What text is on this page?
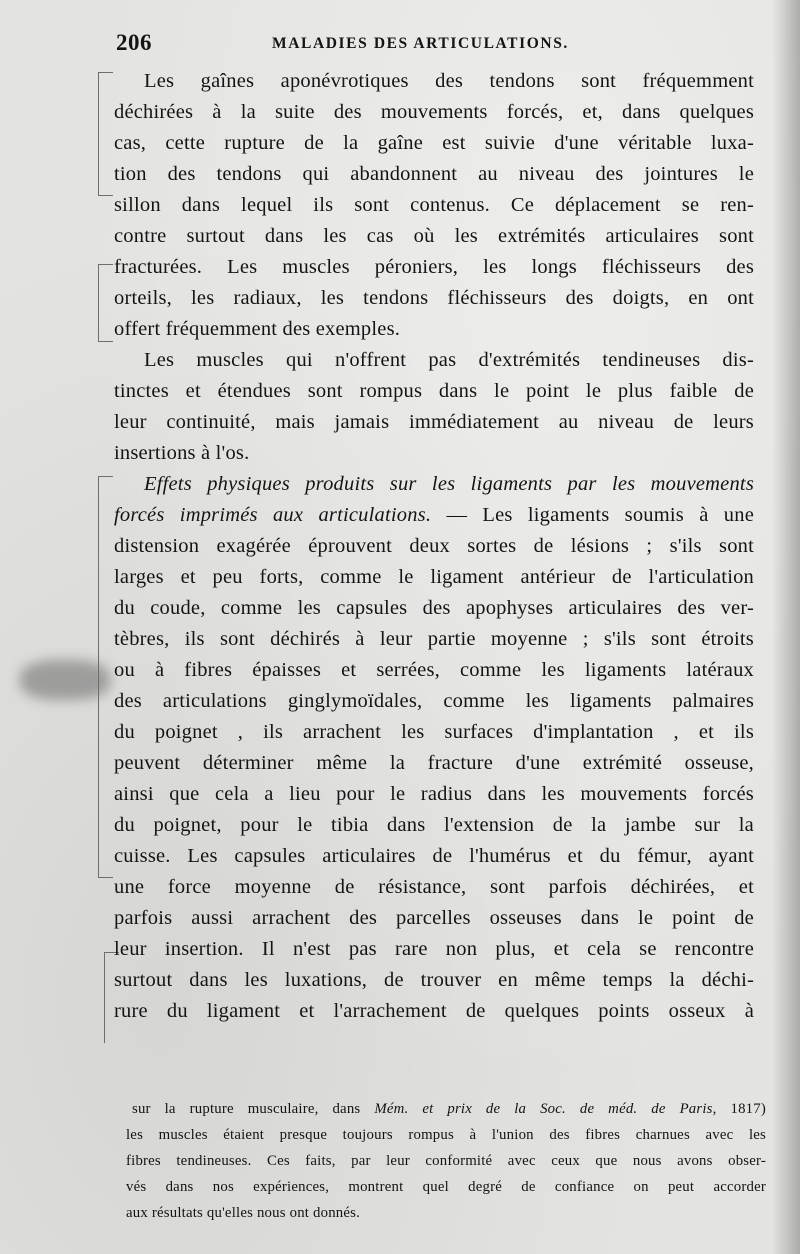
206	MALADIES DES ARTICULATIONS.
Les gaînes aponévrotiques des tendons sont fréquemment
déchirées à la suite des mouvements forcés, et, dans quelques
cas, cette rupture de la gaîne est suivie d'une véritable luxa-
tion des tendons qui abandonnent au niveau des jointures le
sillon dans lequel ils sont contenus. Ce déplacement se ren-
contre surtout dans les cas où les extrémités articulaires sont
fracturées. Les muscles péroniers, les longs fléchisseurs des
orteils, les radiaux, les tendons fléchisseurs des doigts, en ont
offert fréquemment des exemples.
Les muscles qui n'offrent pas d'extrémités tendineuses dis-
tinctes et étendues sont rompus dans le point le plus faible de
leur continuité, mais jamais immédiatement au niveau de leurs
insertions à l'os.
Effets physiques produits sur les ligaments par les mouvements
forcés imprimés aux articulations. — Les ligaments soumis à une
distension exagérée éprouvent deux sortes de lésions ; s'ils sont
larges et peu forts, comme le ligament antérieur de l'articulation
du coude, comme les capsules des apophyses articulaires des ver-
tèbres, ils sont déchirés à leur partie moyenne ; s'ils sont étroits
ou à fibres épaisses et serrées, comme les ligaments latéraux
des articulations ginglymoïdales, comme les ligaments palmaires
du poignet , ils arrachent les surfaces d'implantation , et ils
peuvent déterminer même la fracture d'une extrémité osseuse,
ainsi que cela a lieu pour le radius dans les mouvements forcés
du poignet, pour le tibia dans l'extension de la jambe sur la
cuisse. Les capsules articulaires de l'humérus et du fémur, ayant
une force moyenne de résistance, sont parfois déchirées, et
parfois aussi arrachent des parcelles osseuses dans le point de
leur insertion. Il n'est pas rare non plus, et cela se rencontre
surtout dans les luxations, de trouver en même temps la déchi-
rure du ligament et l'arrachement de quelques points osseux à
sur la rupture musculaire, dans Mém. et prix de la Soc. de méd. de Paris, 1817)
les muscles étaient presque toujours rompus à l'union des fibres charnues avec les
fibres tendineuses. Ces faits, par leur conformité avec ceux que nous avons obser-
vés dans nos expériences, montrent quel degré de confiance on peut accorder
aux résultats qu'elles nous ont donnés.
